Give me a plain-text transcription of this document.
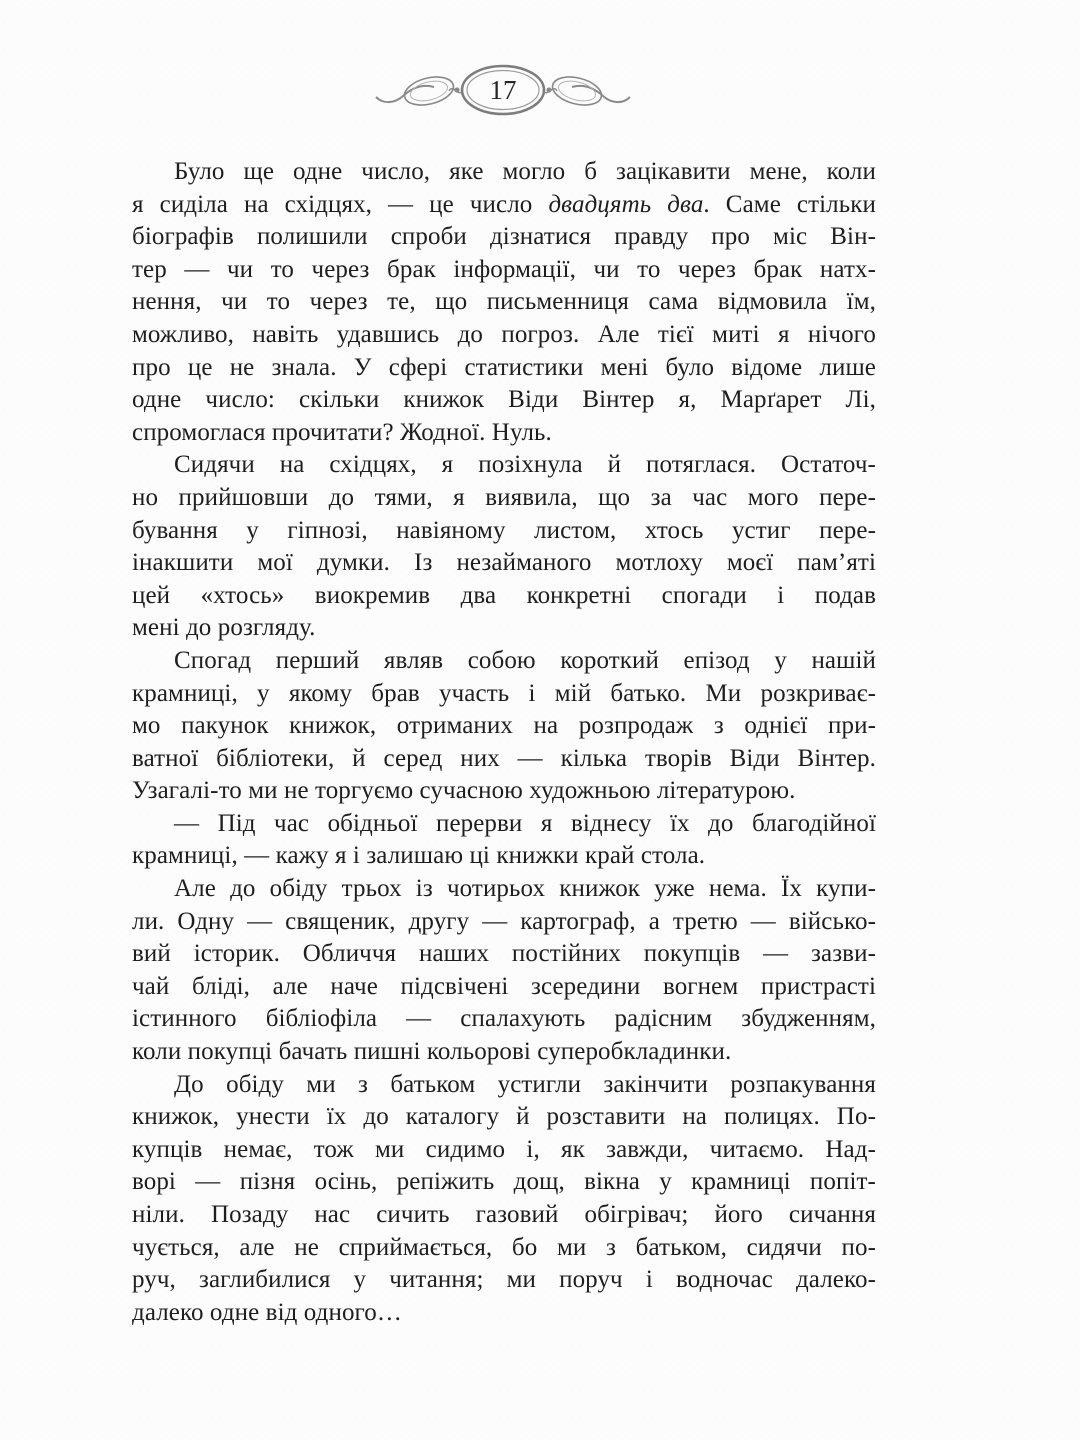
17

Було ще одне число, яке могло б зацікавити мене, коли
я сиділа на східцях, — це число двадцять два. Саме стільки
біографів полишили спроби дізнатися правду про міс Він-
тер — чи то через брак інформації, чи то через брак натх-
нення, чи то через те, що письменниця сама відмовила їм,
можливо, навіть удавшись до погроз. Але тієї миті я нічого
про це не знала. У сфері статистики мені було відоме лише
одне число: скільки книжок Віди Вінтер я, Марґарет Лі,
спромоглася прочитати? Жодної. Нуль.

Сидячи на східцях, я позіхнула й потяглася. Остаточ-
но прийшовши до тями, я виявила, що за час мого пере-
бування у гіпнозі, навіяному листом, хтось устиг пере-
інакшити мої думки. Із незайманого мотлоху моєї пам’яті
цей «хтось» виокремив два конкретні спогади і подав
мені до розгляду.

Спогад перший являв собою короткий епізод у нашій
крамниці, у якому брав участь і мій батько. Ми розкриває-
мо пакунок книжок, отриманих на розпродаж з однієї при-
ватної бібліотеки, й серед них — кілька творів Віди Вінтер.
Узагалі-то ми не торгуємо сучасною художньою літературою.

— Під час обідньої перерви я віднесу їх до благодійної
крамниці, — кажу я і залишаю ці книжки край стола.

Але до обіду трьох із чотирьох книжок уже нема. Їх купи-
ли. Одну — священик, другу — картограф, а третю — військо-
вий історик. Обличчя наших постійних покупців — зазви-
чай бліді, але наче підсвічені зсередини вогнем пристрасті
істинного бібліофіла — спалахують радісним збудженням,
коли покупці бачать пишні кольорові суперобкладинки.

До обіду ми з батьком устигли закінчити розпакування
книжок, унести їх до каталогу й розставити на полицях. По-
купців немає, тож ми сидимо і, як завжди, читаємо. Над-
ворі — пізня осінь, репіжить дощ, вікна у крамниці попіт-
ніли. Позаду нас сичить газовий обігрівач; його сичання
чується, але не сприймається, бо ми з батьком, сидячи по-
руч, заглибилися у читання; ми поруч і водночас далеко-
далеко одне від одного…
